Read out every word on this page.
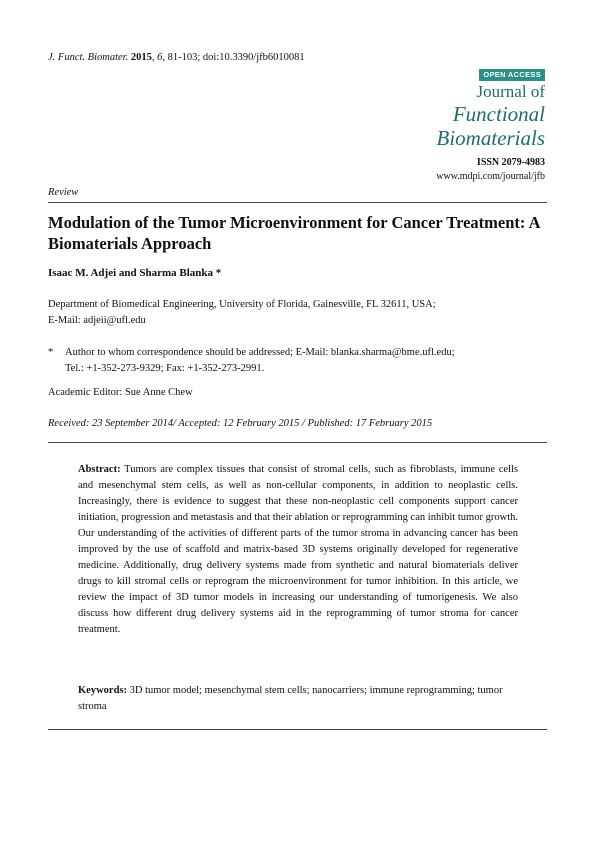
J. Funct. Biomater. 2015, 6, 81-103; doi:10.3390/jfb6010081
OPEN ACCESS
Journal of
Functional
Biomaterials
ISSN 2079-4983
www.mdpi.com/journal/jfb
Review
Modulation of the Tumor Microenvironment for Cancer Treatment: A Biomaterials Approach
Isaac M. Adjei and Sharma Blanka *
Department of Biomedical Engineering, University of Florida, Gainesville, FL 32611, USA;
E-Mail: adjeii@ufl.edu
* Author to whom correspondence should be addressed; E-Mail: blanka.sharma@bme.ufl.edu;
Tel.: +1-352-273-9329; Fax: +1-352-273-2991.
Academic Editor: Sue Anne Chew
Received: 23 September 2014/ Accepted: 12 February 2015 / Published: 17 February 2015
Abstract: Tumors are complex tissues that consist of stromal cells, such as fibroblasts, immune cells and mesenchymal stem cells, as well as non-cellular components, in addition to neoplastic cells. Increasingly, there is evidence to suggest that these non-neoplastic cell components support cancer initiation, progression and metastasis and that their ablation or reprogramming can inhibit tumor growth. Our understanding of the activities of different parts of the tumor stroma in advancing cancer has been improved by the use of scaffold and matrix-based 3D systems originally developed for regenerative medicine. Additionally, drug delivery systems made from synthetic and natural biomaterials deliver drugs to kill stromal cells or reprogram the microenvironment for tumor inhibition. In this article, we review the impact of 3D tumor models in increasing our understanding of tumorigenesis. We also discuss how different drug delivery systems aid in the reprogramming of tumor stroma for cancer treatment.
Keywords: 3D tumor model; mesenchymal stem cells; nanocarriers; immune reprogramming; tumor stroma
